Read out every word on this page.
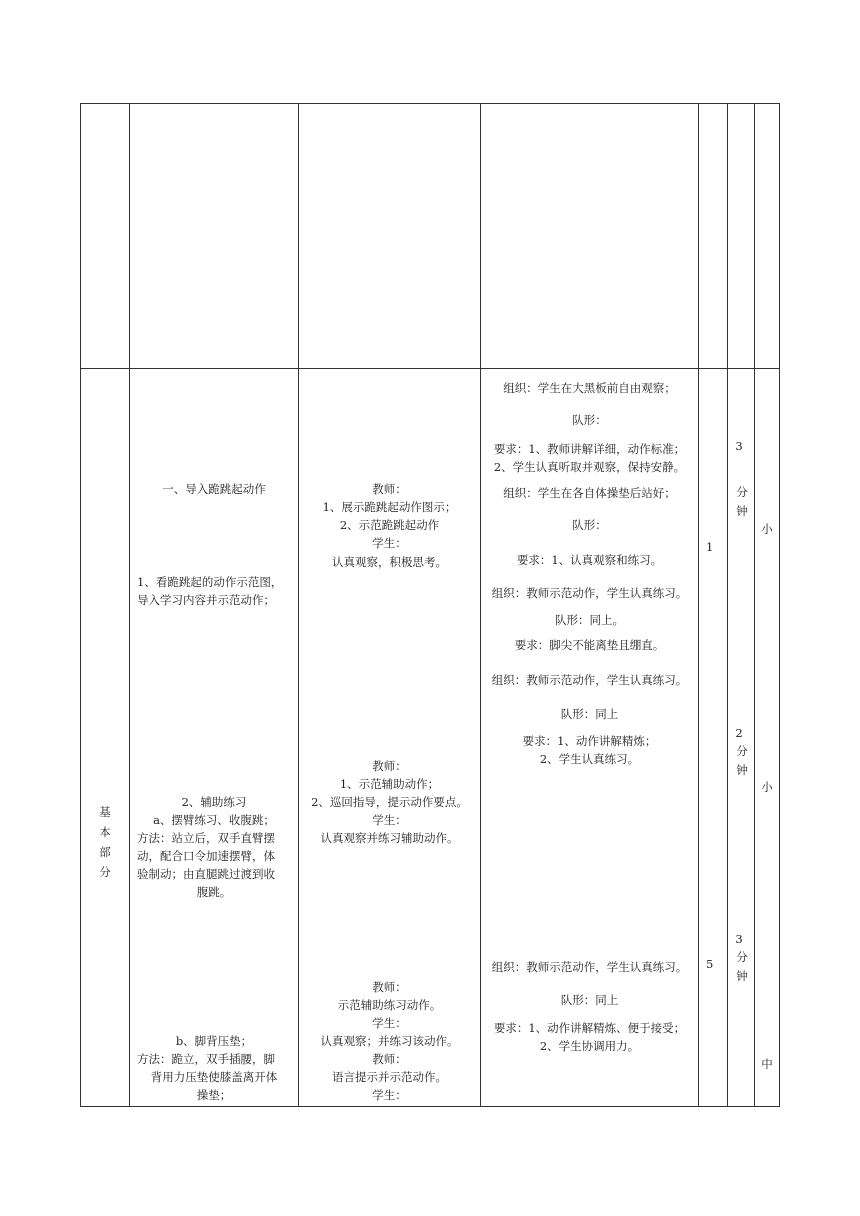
基
本
部
分
一、导入跪跳起动作
1、看跪跳起的动作示范图，
导入学习内容并示范动作；
2、辅助练习
a、摆臂练习、收腹跳；
方法：站立后，双手直臂摆
动，配合口令加速摆臂，体
验制动；由直腿跳过渡到收
腹跳。
b、脚背压垫；
方法：跪立，双手插腰，脚
背用力压垫使膝盖离开体
操垫；
教师：
1、展示跪跳起动作图示；
2、示范跪跳起动作
学生：
认真观察，积极思考。
教师：
1、示范辅助动作；
2、巡回指导，提示动作要点。
学生：
认真观察并练习辅助动作。
教师：
示范辅助练习动作。
学生：
认真观察；并练习该动作。
教师：
语言提示并示范动作。
学生：
组织：学生在大黑板前自由观察；
队形：
要求：1、教师讲解详细，动作标准；
2、学生认真听取并观察，保持安静。
组织：学生在各自体操垫后站好；
队形：
要求：1、认真观察和练习。
组织：教师示范动作，学生认真练习。
队形：同上。
要求：脚尖不能离垫且绷直。
组织：教师示范动作，学生认真练习。
队形：同上
要求：1、动作讲解精炼；
2、学生认真练习。
组织：教师示范动作，学生认真练习。
队形：同上
要求：1、动作讲解精炼、便于接受；
2、学生协调用力。
1
5
3
分
钟
2
分
钟
3
分
钟
小
小
中
